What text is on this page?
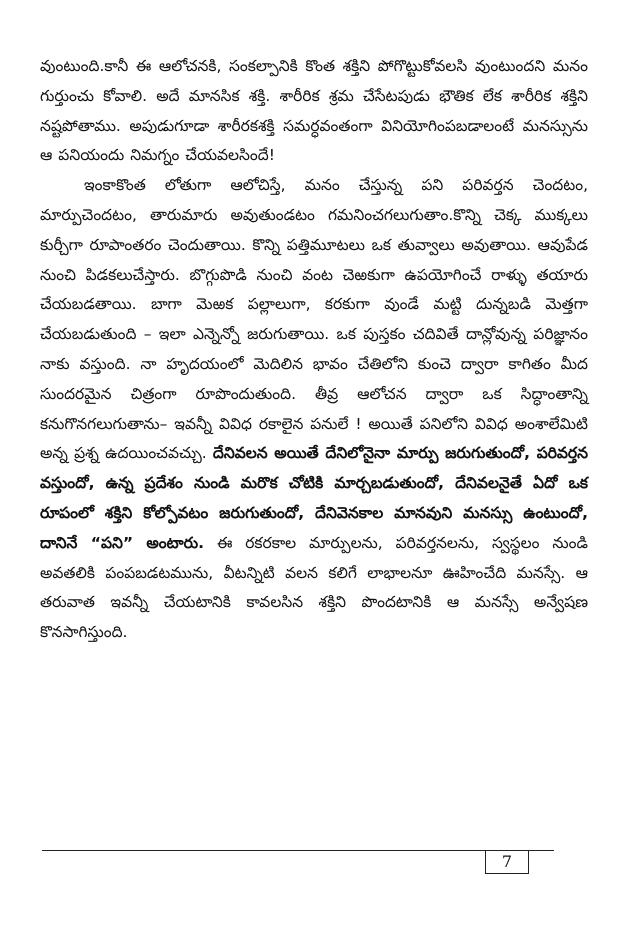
వుంటుంది.కానీ ఈ ఆలోచనకి, సంకల్పానికి కొంత శక్తిని పోగొట్టుకోవలసి వుంటుందని మనం గుర్తుంచు కోవాలి. అదే మానసిక శక్తి. శారీరిక శ్రమ చేసేటపుడు భౌతిక లేక శారీరిక శక్తిని నష్టపోతాము. అపుడుగూడా శారీరకశక్తి సమర్ధవంతంగా వినియోగింపబడాలంటే మనస్సును ఆ పనియందు నిమగ్నం చేయవలసిందే!

ఇంకాకొంత లోతుగా ఆలోచిస్తే, మనం చేస్తున్న పని పరివర్తన చెందటం, మార్పుచెందటం, తారుమారు అవుతుండటం గమనించగలుగుతాం.కొన్ని చెక్క ముక్కలు కుర్చీగా రూపాంతరం చెందుతాయి. కొన్ని పత్తిమూటలు ఒక తువ్వాలు అవుతాయి. ఆవుపేడ నుంచి పిడకలుచేస్తారు. బొగ్గుపొడి నుంచి వంట చెఱకుగా ఉపయోగించే రాళ్ళు తయారు చేయబడతాయి. బాగా మెఱక పల్లాలుగా, కరకుగా వుండే మట్టి దున్నబడి మెత్తగా చేయబడుతుంది – ఇలా ఎన్నెన్నో జరుగుతాయి. ఒక పుస్తకం చదివితే దాన్లోవున్న పరిజ్ఞానం నాకు వస్తుంది. నా హృదయంలో మెదిలిన భావం చేతిలోని కుంచె ద్వారా కాగితం మీద సుందరమైన చిత్రంగా రూపొందుతుంది. తీవ్ర ఆలోచన ద్వారా ఒక సిద్ధాంతాన్ని కనుగొనగలుగుతాను– ఇవన్నీ వివిధ రకాలైన పనులే ! అయితే పనిలోని వివిధ అంశాలేమిటి అన్న ప్రశ్న ఉదయించవచ్చు. దేనివలన అయితే దేనిలోనైనా మార్పు జరుగుతుందో, పరివర్తన వస్తుందో, ఉన్న ప్రదేశం నుండి మరొక చోటికి మార్చబడుతుందో, దేనివలనైతే ఏదో ఒక రూపంలో శక్తిని కోల్పోవటం జరుగుతుందో, దేనివెనకాల మానవుని మనస్సు ఉంటుందో, దానినే “పని” అంటారు. ఈ రకరకాల మార్పులను, పరివర్తనలను, స్వస్థలం నుండి అవతలికి పంపబడటమును, వీటన్నిటి వలన కలిగే లాభాలనూ ఊహించేది మనస్సే. ఆ తరువాత ఇవన్నీ చేయటానికి కావలసిన శక్తిని పొందటానికి ఆ మనస్సే అన్వేషణ కొనసాగిస్తుంది.

7
